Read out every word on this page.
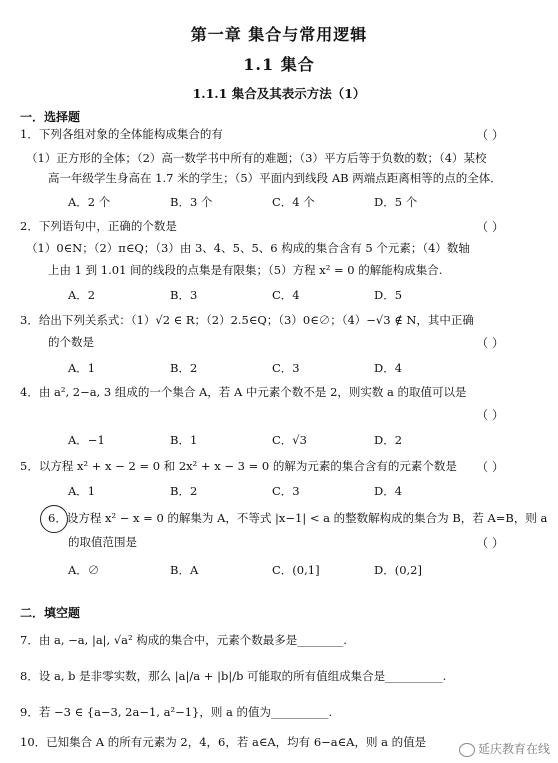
第一章 集合与常用逻辑
1.1 集合
1.1.1 集合及其表示方法（1）
一．选择题
1．下列各组对象的全体能构成集合的有	（ ）
（1）正方形的全体；（2）高一数学书中所有的难题；（3）平方后等于负数的数；（4）某校
高一年级学生身高在 1.7 米的学生；（5）平面内到线段 AB 两端点距离相等的点的全体．
A．2 个	B．3 个	C．4 个	D．5 个
2．下列语句中，正确的个数是	（ ）
（1）0∈N；（2）π∈Q；（3）由 3、4、5、5、6 构成的集合含有 5 个元素；（4）数轴
上由 1 到 1.01 间的线段的点集是有限集；（5）方程 x² = 0 的解能构成集合.
A．2	B．3	C．4	D．5
3．给出下列关系式：（1）√2 ∈ R；（2）2.5∈Q；（3）0∈∅；（4）−√3 ∉ N，其中正确
的个数是	（ ）
A．1	B．2	C．3	D．4
4．由 a², 2−a, 3 组成的一个集合 A，若 A 中元素个数不是 2，则实数 a 的取值可以是
（ ）
A．−1	B．1	C．√3	D．2
5．以方程 x² + x − 2 = 0 和 2x² + x − 3 = 0 的解为元素的集合含有的元素个数是 （ ）
A．1	B．2	C．3	D．4
6．设方程 x² − x = 0 的解集为 A，不等式 |x−1| < a 的整数解构成的集合为 B，若 A=B，则 a
的取值范围是	（ ）
A．∅	B．A	C．(0,1]	D．(0,2]
二．填空题
7．由 a, −a, |a|, √a² 构成的集合中，元素个数最多是________.
8．设 a, b 是非零实数，那么 |a|/a + |b|/b 可能取的所有值组成集合是__________.
9．若 −3 ∈ {a−3, 2a−1, a²−1}，则 a 的值为__________.
10．已知集合 A 的所有元素为 2，4，6，若 a∈A，均有 6−a∈A，则 a 的值是	延庆教育在线
